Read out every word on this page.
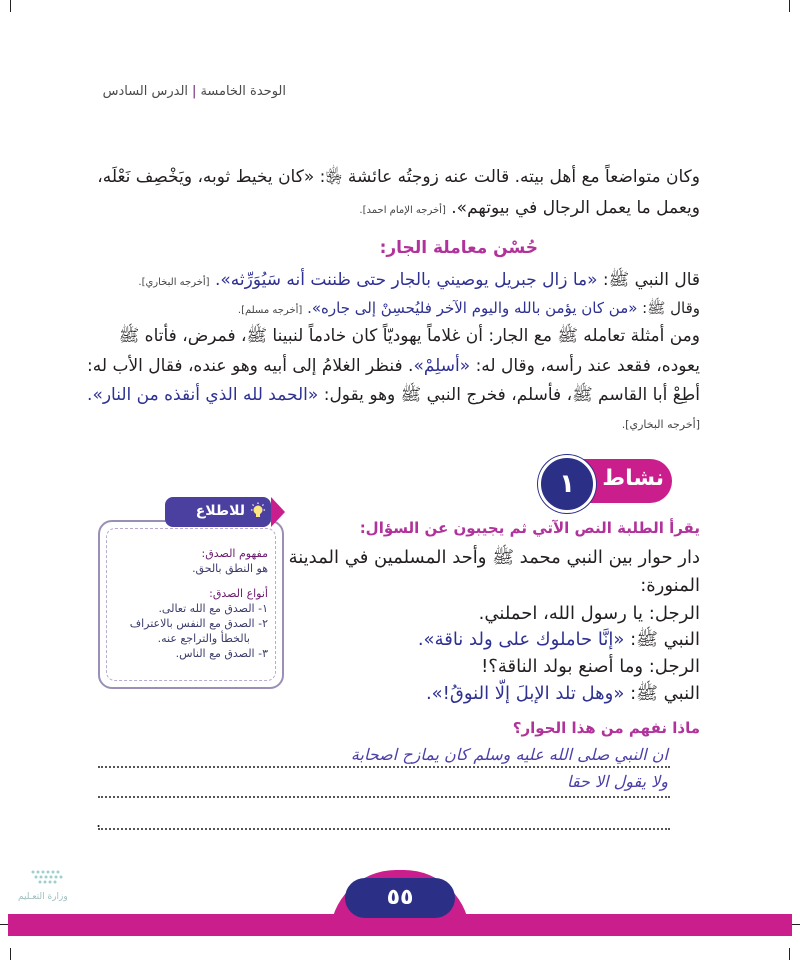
الوحدة الخامسة|الدرس السادس
وكان متواضعاً مع أهل بيته. قالت عنه زوجتُه عائشة ﵂: «كان يخيط ثوبه، ويَخْصِف نَعْلَه،
ويعمل ما يعمل الرجال في بيوتهم». [أخرجه الإمام احمد].
حُسْن معاملة الجار:
قال النبي ﷺ: «ما زال جبريل يوصيني بالجار حتى ظننت أنه سَيُوَرِّثه». [أخرجه البخاري].
وقال ﷺ: «من كان يؤمن بالله واليوم الآخر فليُحسِنْ إلى جاره». [أخرجه مسلم].
ومن أمثلة تعامله ﷺ مع الجار: أن غلاماً يهوديّاً كان خادماً لنبينا ﷺ، فمرض، فأتاه ﷺ
يعوده، فقعد عند رأسه، وقال له: «أسلِمْ». فنظر الغلامُ إلى أبيه وهو عنده، فقال الأب له:
أطِعْ أبا القاسم ﷺ، فأسلم، فخرج النبي ﷺ وهو يقول: «الحمد لله الذي أنقذه من النار».
[أخرجه البخاري].
نشاط
١
للاطلاع
مفهوم الصدق:
هو النطق بالحق.
أنواع الصدق:
١- الصدق مع الله تعالى.
٢- الصدق مع النفس بالاعتراف
بالخطأ والتراجع عنه.
٣- الصدق مع الناس.
يقرأ الطلبة النص الآتي ثم يجيبون عن السؤال:
دار حوار بين النبي محمد ﷺ وأحد المسلمين في المدينة
المنورة:
الرجل: يا رسول الله، احملني.
النبي ﷺ: «إنَّا حاملوك على ولد ناقة».
الرجل: وما أصنع بولد الناقة؟!
النبي ﷺ: «وهل تلد الإبلَ إلّا النوقُ!».
ماذا نفهم من هذا الحوار؟
ان النبي صلى الله عليه وسلم كان يمازح اصحابة
ولا يقول الا حقا
.
٥٥
وزارة التعـليم
